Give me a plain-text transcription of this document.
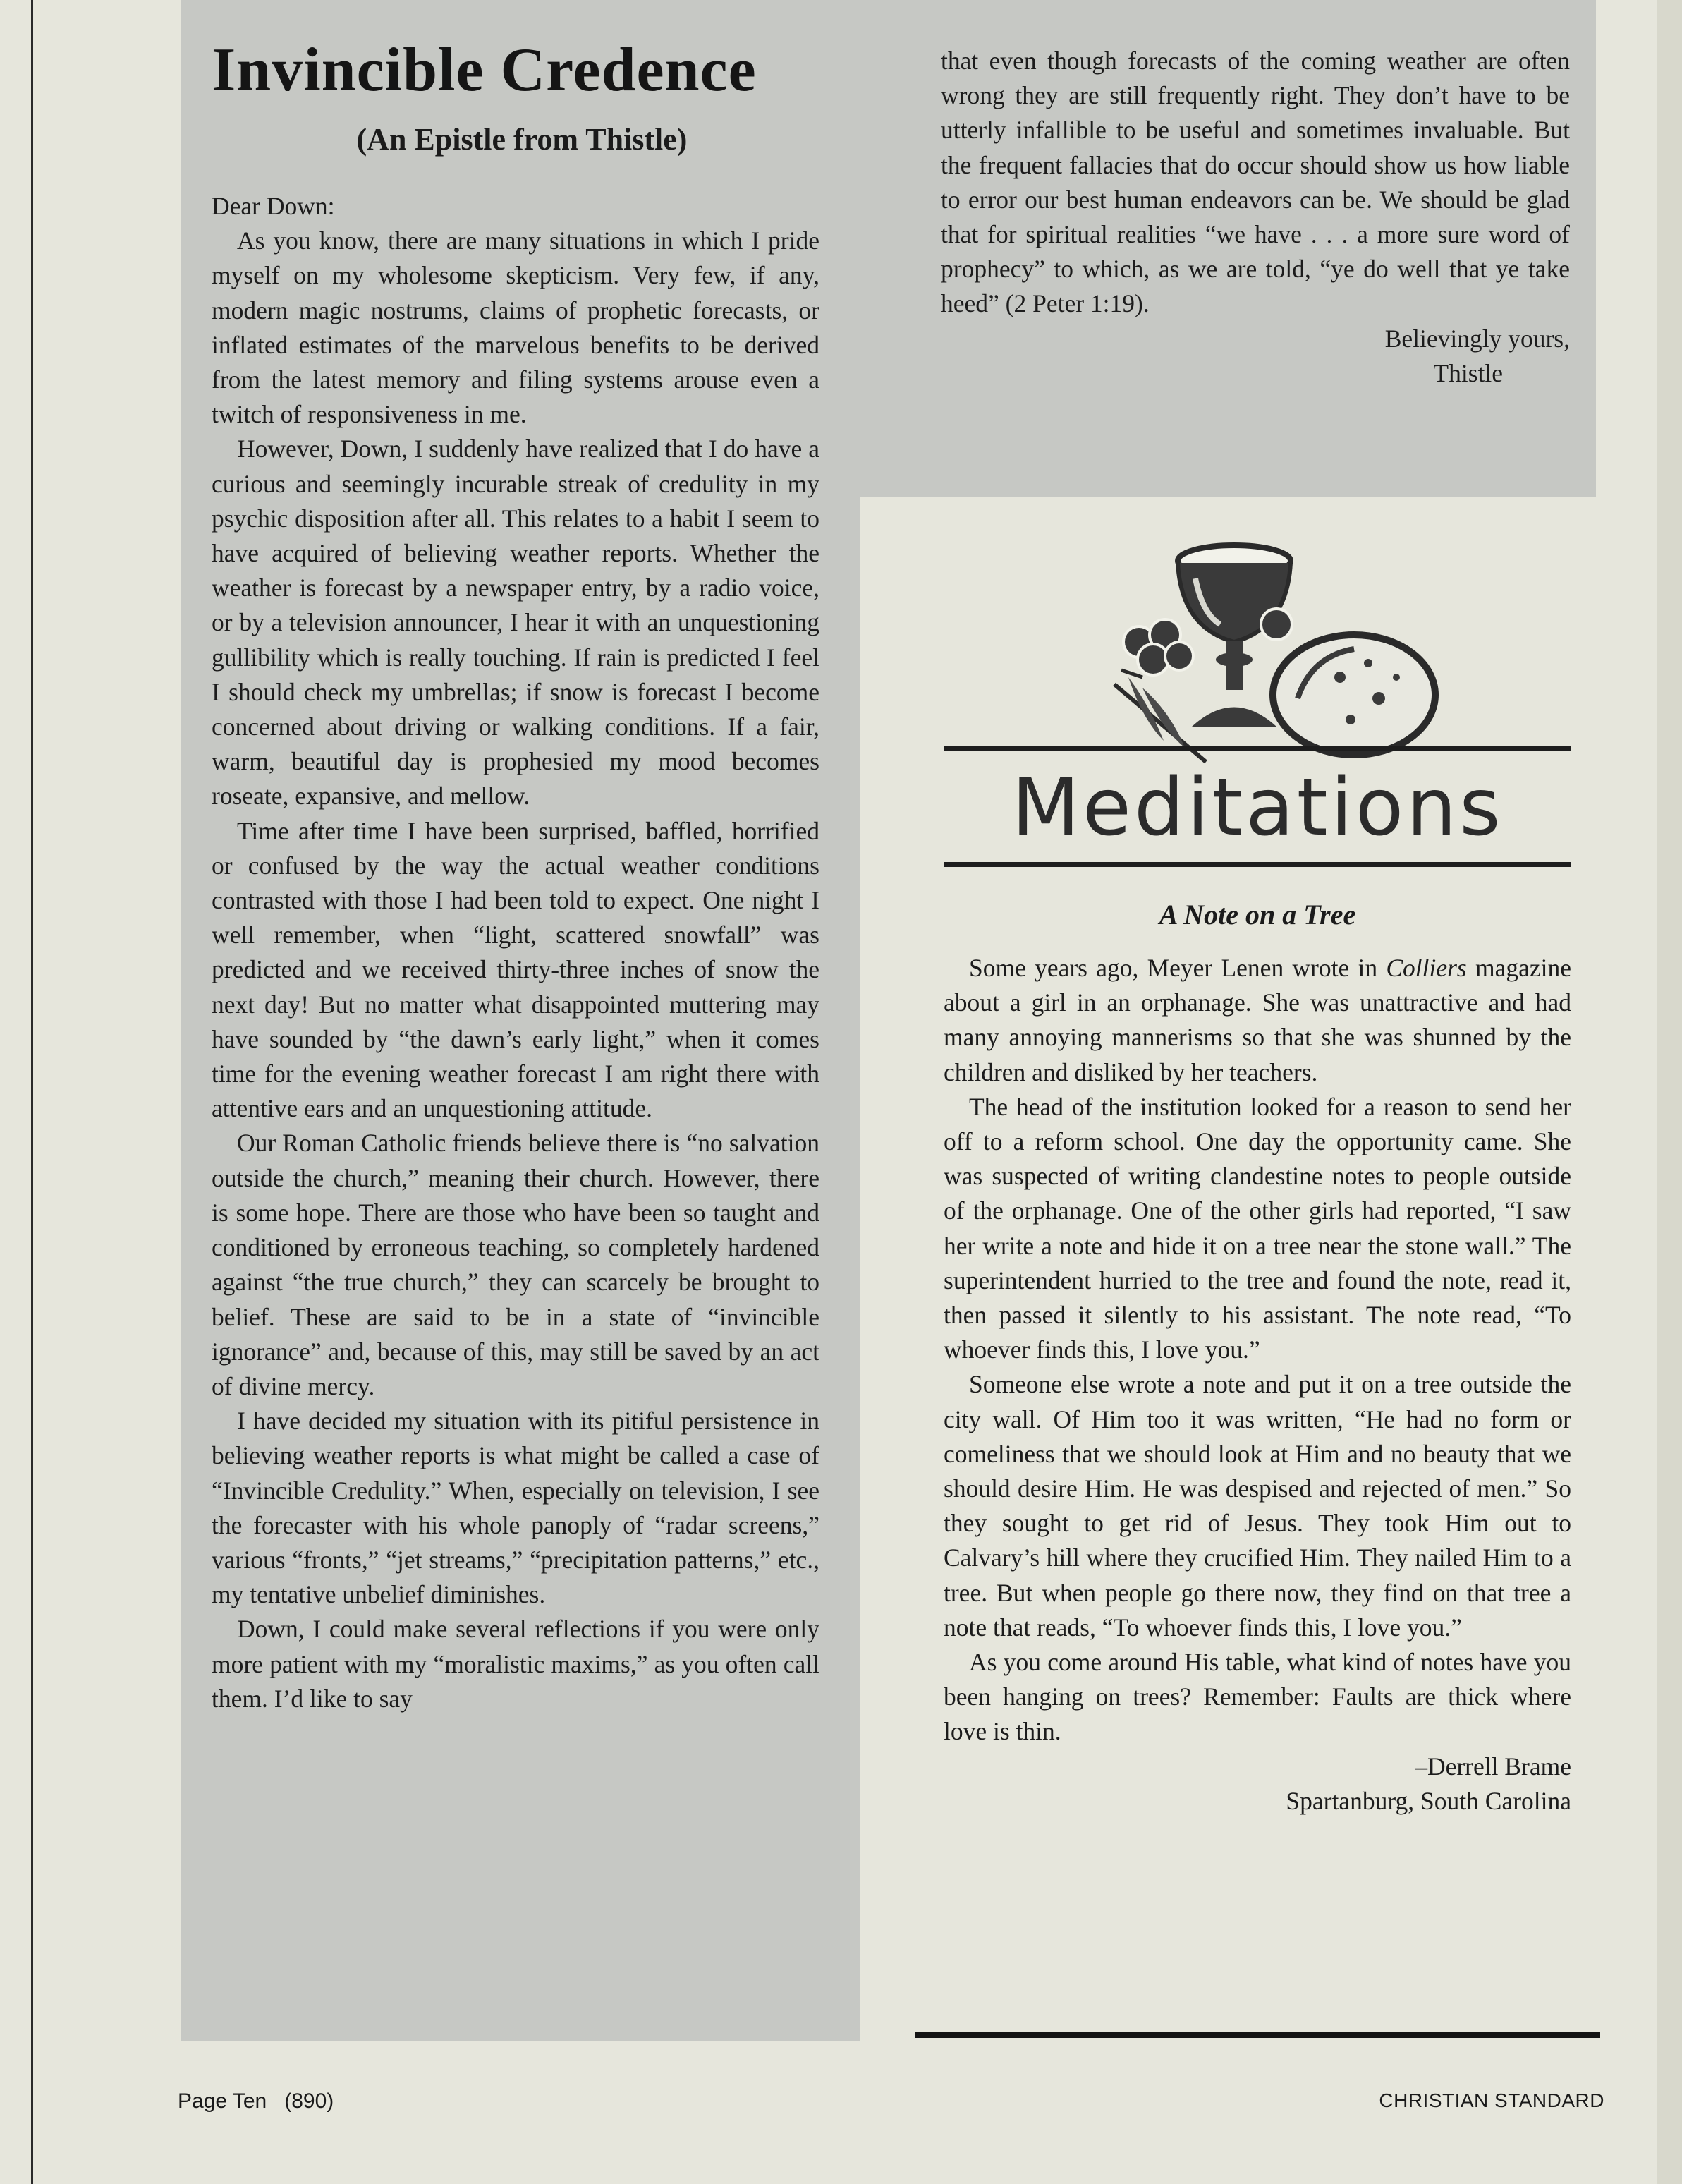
Invincible Credence
(An Epistle from Thistle)

Dear Down:

As you know, there are many situations in which I pride myself on my wholesome skepticism. Very few, if any, modern magic nostrums, claims of prophetic forecasts, or inflated estimates of the marvelous benefits to be derived from the latest memory and filing systems arouse even a twitch of responsiveness in me.

However, Down, I suddenly have realized that I do have a curious and seemingly incurable streak of credulity in my psychic disposition after all. This relates to a habit I seem to have acquired of believing weather reports. Whether the weather is forecast by a newspaper entry, by a radio voice, or by a television announcer, I hear it with an unquestioning gullibility which is really touching. If rain is predicted I feel I should check my umbrellas; if snow is forecast I become concerned about driving or walking conditions. If a fair, warm, beautiful day is prophesied my mood becomes roseate, expansive, and mellow.

Time after time I have been surprised, baffled, horrified or confused by the way the actual weather conditions contrasted with those I had been told to expect. One night I well remember, when “light, scattered snowfall” was predicted and we received thirty-three inches of snow the next day! But no matter what disappointed muttering may have sounded by “the dawn’s early light,” when it comes time for the evening weather forecast I am right there with attentive ears and an unquestioning attitude.

Our Roman Catholic friends believe there is “no salvation outside the church,” meaning their church. However, there is some hope. There are those who have been so taught and conditioned by erroneous teaching, so completely hardened against “the true church,” they can scarcely be brought to belief. These are said to be in a state of “invincible ignorance” and, because of this, may still be saved by an act of divine mercy.

I have decided my situation with its pitiful persistence in believing weather reports is what might be called a case of “Invincible Credulity.” When, especially on television, I see the forecaster with his whole panoply of “radar screens,” various “fronts,” “jet streams,” “precipitation patterns,” etc., my tentative unbelief diminishes.

Down, I could make several reflections if you were only more patient with my “moralistic maxims,” as you often call them. I’d like to say

that even though forecasts of the coming weather are often wrong they are still frequently right. They don’t have to be utterly infallible to be useful and sometimes invaluable. But the frequent fallacies that do occur should show us how liable to error our best human endeavors can be. We should be glad that for spiritual realities “we have . . . a more sure word of prophecy” to which, as we are told, “ye do well that ye take heed” (2 Peter 1:19).

Believingly yours,

Thistle

Meditations
A Note on a Tree

Some years ago, Meyer Lenen wrote in Colliers magazine about a girl in an orphanage. She was unattractive and had many annoying mannerisms so that she was shunned by the children and disliked by her teachers.

The head of the institution looked for a reason to send her off to a reform school. One day the opportunity came. She was suspected of writing clandestine notes to people outside of the orphanage. One of the other girls had reported, “I saw her write a note and hide it on a tree near the stone wall.” The superintendent hurried to the tree and found the note, read it, then passed it silently to his assistant. The note read, “To whoever finds this, I love you.”

Someone else wrote a note and put it on a tree outside the city wall. Of Him too it was written, “He had no form or comeliness that we should look at Him and no beauty that we should desire Him. He was despised and rejected of men.” So they sought to get rid of Jesus. They took Him out to Calvary’s hill where they crucified Him. They nailed Him to a tree. But when people go there now, they find on that tree a note that reads, “To whoever finds this, I love you.”

As you come around His table, what kind of notes have you been hanging on trees? Remember: Faults are thick where love is thin.

–Derrell Brame

Spartanburg, South Carolina

Page Ten   (890)	CHRISTIAN STANDARD
